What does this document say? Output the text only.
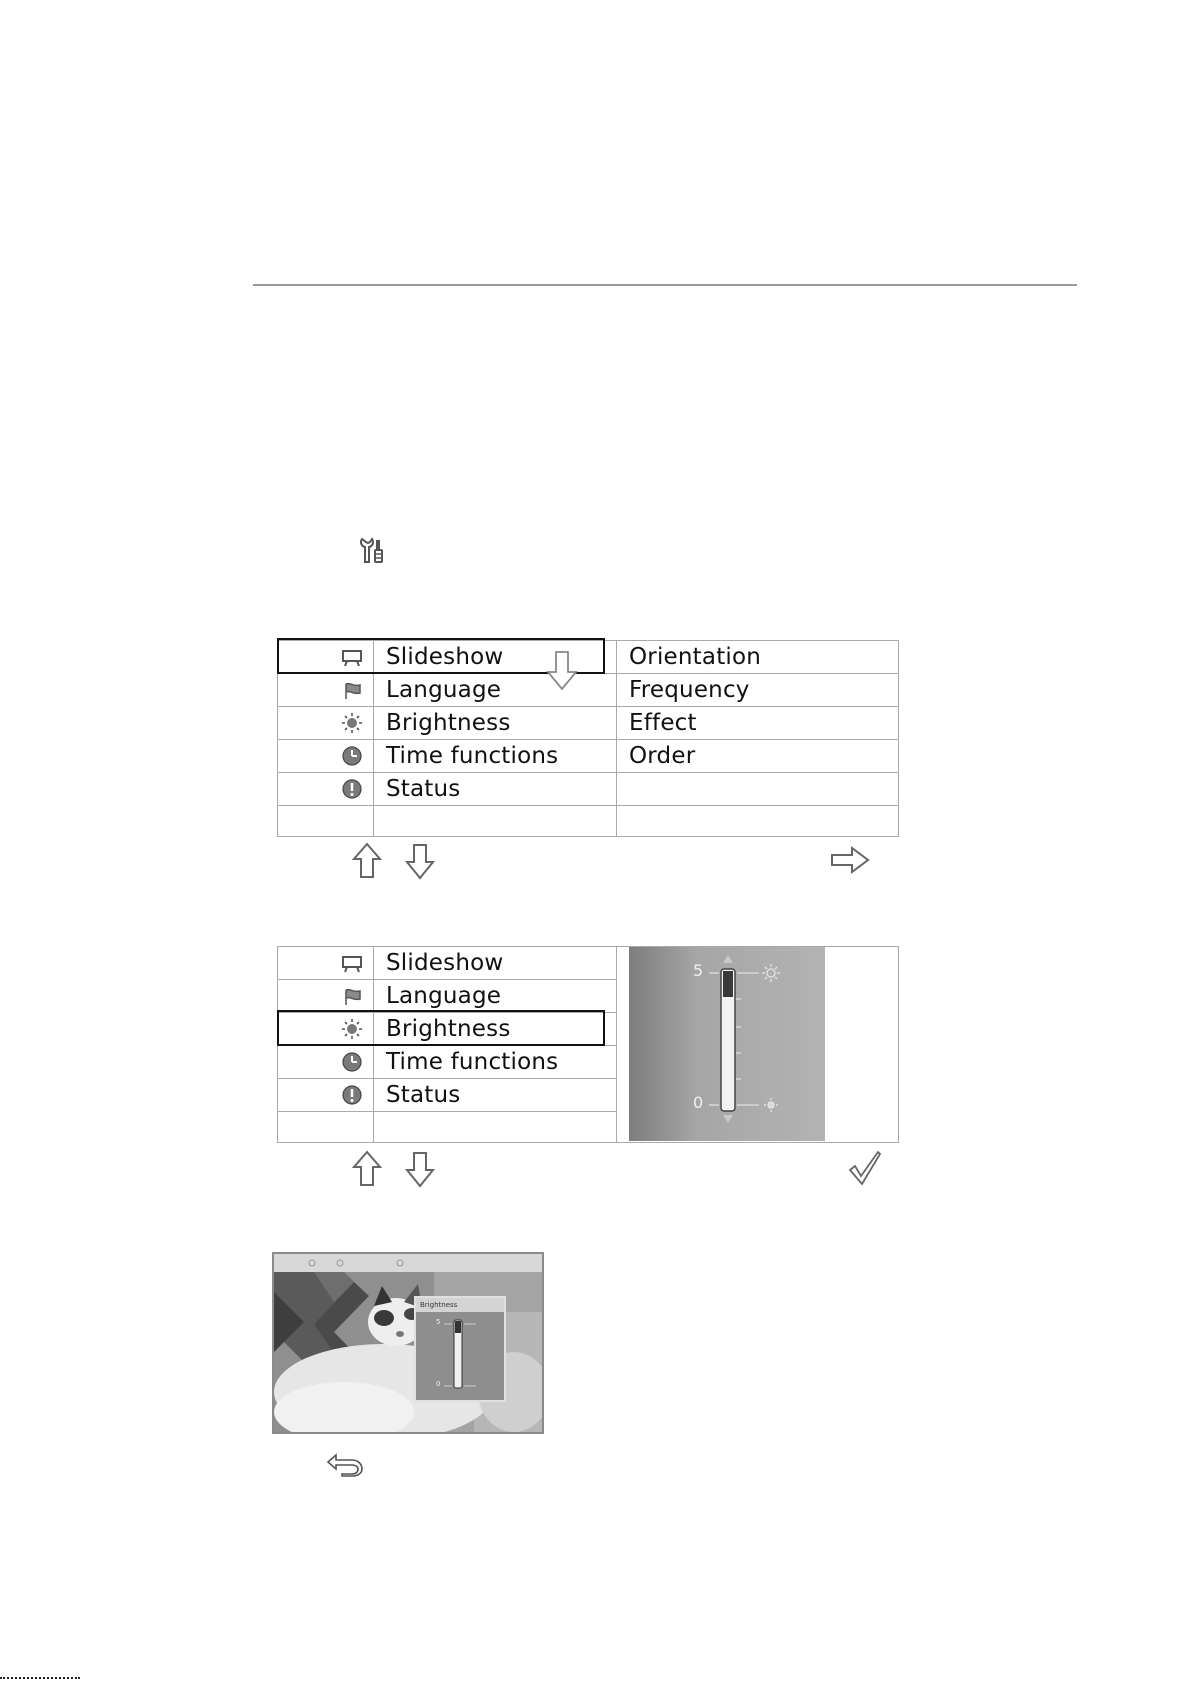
	Slideshow	Orientation
	Language	Frequency
	Brightness	Effect
	Time functions	Order
	Status	

	Slideshow	5
0

	Language	
	Brightness	
	Time functions	
	Status	

Brightness
5
0
